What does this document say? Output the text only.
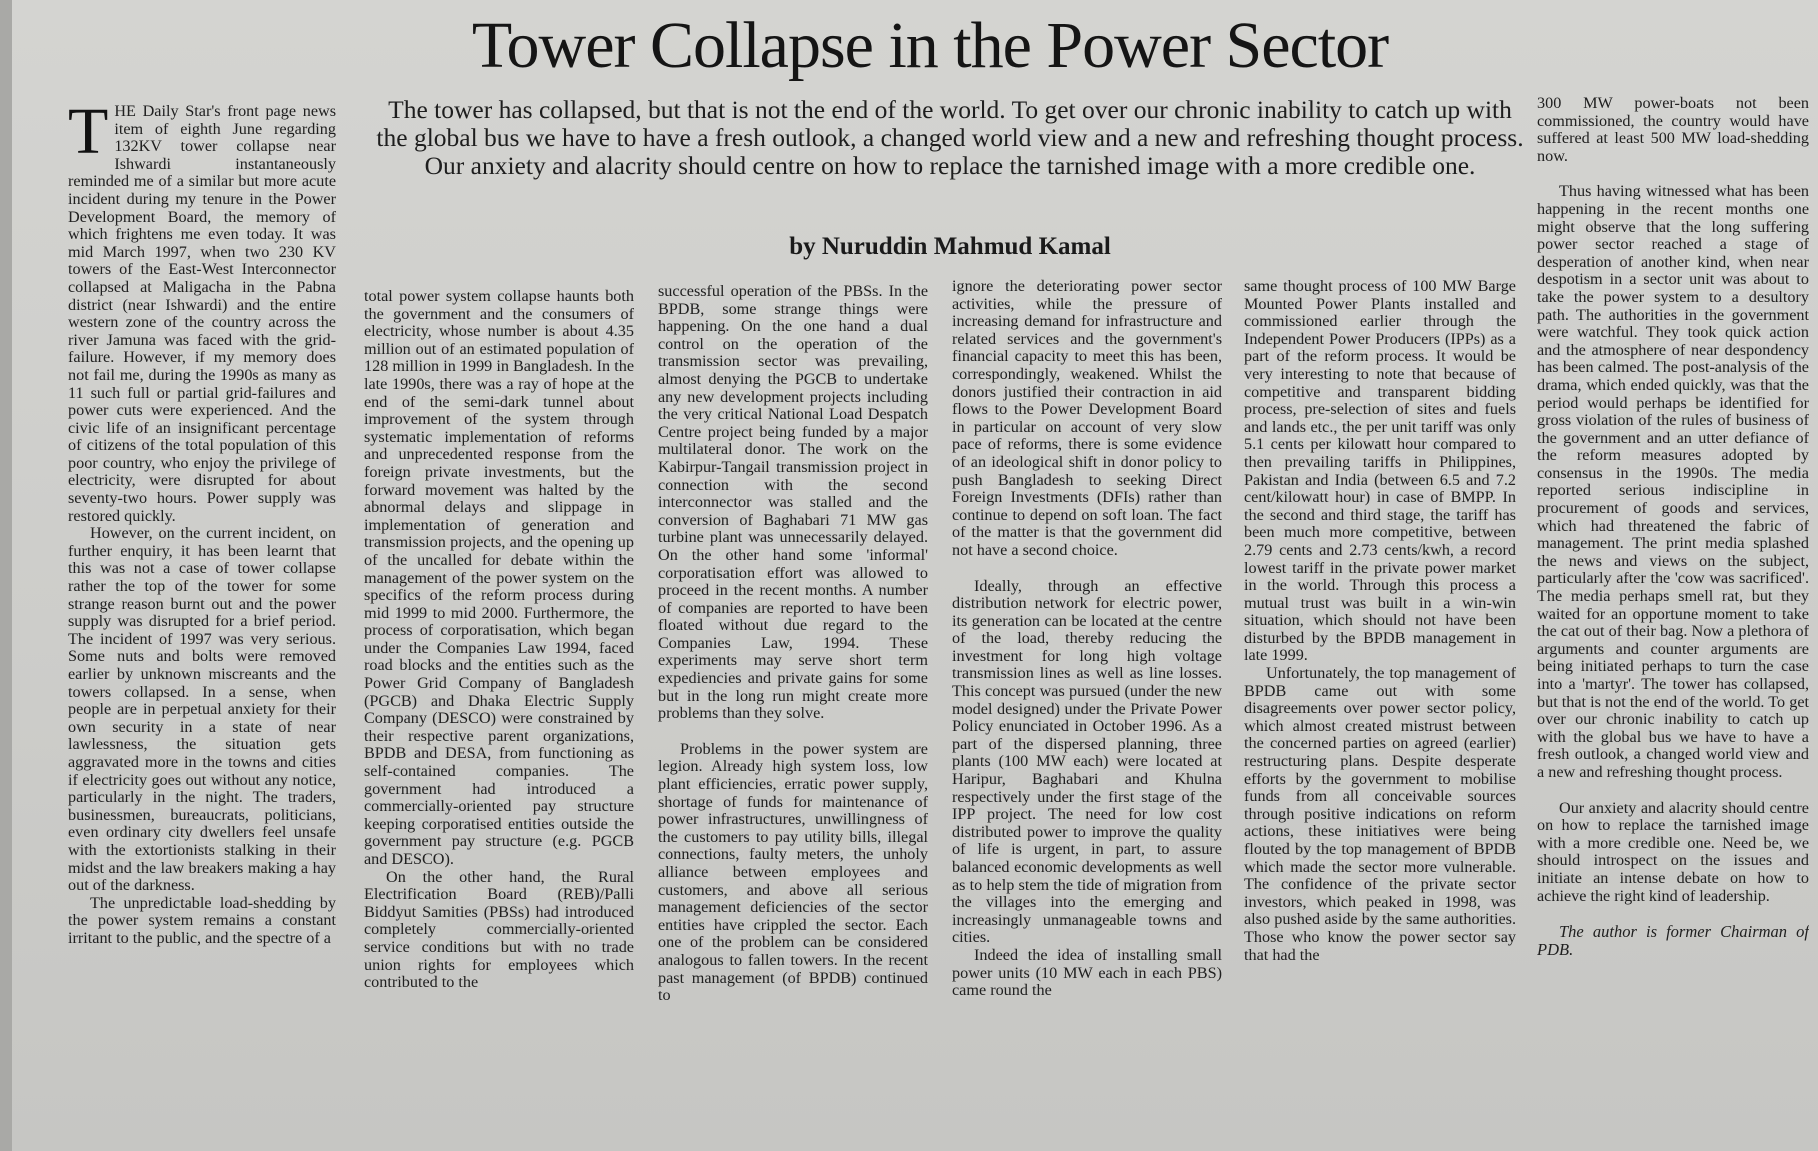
Tower Collapse in the Power Sector
The tower has collapsed, but that is not the end of the world. To get over our chronic inability to catch up with the global bus we have to have a fresh outlook, a changed world view and a new and refreshing thought process. Our anxiety and alacrity should centre on how to replace the tarnished image with a more credible one.
by Nuruddin Mahmud Kamal

THE Daily Star's front page news item of eighth June regarding 132KV tower collapse near Ishwardi instantaneously reminded me of a similar but more acute incident during my tenure in the Power Development Board, the memory of which frightens me even today. It was mid March 1997, when two 230 KV towers of the East-West Interconnector collapsed at Maligacha in the Pabna district (near Ishwardi) and the entire western zone of the country across the river Jamuna was faced with the grid-failure. However, if my memory does not fail me, during the 1990s as many as 11 such full or partial grid-failures and power cuts were experienced. And the civic life of an insignificant percentage of citizens of the total population of this poor country, who enjoy the privilege of electricity, were disrupted for about seventy-two hours. Power supply was restored quickly.

However, on the current incident, on further enquiry, it has been learnt that this was not a case of tower collapse rather the top of the tower for some strange reason burnt out and the power supply was disrupted for a brief period. The incident of 1997 was very serious. Some nuts and bolts were removed earlier by unknown miscreants and the towers collapsed. In a sense, when people are in perpetual anxiety for their own security in a state of near lawlessness, the situation gets aggravated more in the towns and cities if electricity goes out without any notice, particularly in the night. The traders, businessmen, bureaucrats, politicians, even ordinary city dwellers feel unsafe with the extortionists stalking in their midst and the law breakers making a hay out of the darkness.

The unpredictable load-shedding by the power system remains a constant irritant to the public, and the spectre of a

total power system collapse haunts both the government and the consumers of electricity, whose number is about 4.35 million out of an estimated population of 128 million in 1999 in Bangladesh. In the late 1990s, there was a ray of hope at the end of the semi-dark tunnel about improvement of the system through systematic implementation of reforms and unprecedented response from the foreign private investments, but the forward movement was halted by the abnormal delays and slippage in implementation of generation and transmission projects, and the opening up of the uncalled for debate within the management of the power system on the specifics of the reform process during mid 1999 to mid 2000. Furthermore, the process of corporatisation, which began under the Companies Law 1994, faced road blocks and the entities such as the Power Grid Company of Bangladesh (PGCB) and Dhaka Electric Supply Company (DESCO) were constrained by their respective parent organizations, BPDB and DESA, from functioning as self-contained companies. The government had introduced a commercially-oriented pay structure keeping corporatised entities outside the government pay structure (e.g. PGCB and DESCO).

On the other hand, the Rural Electrification Board (REB)/Palli Biddyut Samities (PBSs) had introduced completely commercially-oriented service conditions but with no trade union rights for employees which contributed to the

successful operation of the PBSs. In the BPDB, some strange things were happening. On the one hand a dual control on the operation of the transmission sector was prevailing, almost denying the PGCB to undertake any new development projects including the very critical National Load Despatch Centre project being funded by a major multilateral donor. The work on the Kabirpur-Tangail transmission project in connection with the second interconnector was stalled and the conversion of Baghabari 71 MW gas turbine plant was unnecessarily delayed. On the other hand some 'informal' corporatisation effort was allowed to proceed in the recent months. A number of companies are reported to have been floated without due regard to the Companies Law, 1994. These experiments may serve short term expediencies and private gains for some but in the long run might create more problems than they solve.

Problems in the power system are legion. Already high system loss, low plant efficiencies, erratic power supply, shortage of funds for maintenance of power infrastructures, unwillingness of the customers to pay utility bills, illegal connections, faulty meters, the unholy alliance between employees and customers, and above all serious management deficiencies of the sector entities have crippled the sector. Each one of the problem can be considered analogous to fallen towers. In the recent past management (of BPDB) continued to

ignore the deteriorating power sector activities, while the pressure of increasing demand for infrastructure and related services and the government's financial capacity to meet this has been, correspondingly, weakened. Whilst the donors justified their contraction in aid flows to the Power Development Board in particular on account of very slow pace of reforms, there is some evidence of an ideological shift in donor policy to push Bangladesh to seeking Direct Foreign Investments (DFIs) rather than continue to depend on soft loan. The fact of the matter is that the government did not have a second choice.

Ideally, through an effective distribution network for electric power, its generation can be located at the centre of the load, thereby reducing the investment for long high voltage transmission lines as well as line losses. This concept was pursued (under the new model designed) under the Private Power Policy enunciated in October 1996. As a part of the dispersed planning, three plants (100 MW each) were located at Haripur, Baghabari and Khulna respectively under the first stage of the IPP project. The need for low cost distributed power to improve the quality of life is urgent, in part, to assure balanced economic developments as well as to help stem the tide of migration from the villages into the emerging and increasingly unmanageable towns and cities.

Indeed the idea of installing small power units (10 MW each in each PBS) came round the

same thought process of 100 MW Barge Mounted Power Plants installed and commissioned earlier through the Independent Power Producers (IPPs) as a part of the reform process. It would be very interesting to note that because of competitive and transparent bidding process, pre-selection of sites and fuels and lands etc., the per unit tariff was only 5.1 cents per kilowatt hour compared to then prevailing tariffs in Philippines, Pakistan and India (between 6.5 and 7.2 cent/kilowatt hour) in case of BMPP. In the second and third stage, the tariff has been much more competitive, between 2.79 cents and 2.73 cents/kwh, a record lowest tariff in the private power market in the world. Through this process a mutual trust was built in a win-win situation, which should not have been disturbed by the BPDB management in late 1999.

Unfortunately, the top management of BPDB came out with some disagreements over power sector policy, which almost created mistrust between the concerned parties on agreed (earlier) restructuring plans. Despite desperate efforts by the government to mobilise funds from all conceivable sources through positive indications on reform actions, these initiatives were being flouted by the top management of BPDB which made the sector more vulnerable. The confidence of the private sector investors, which peaked in 1998, was also pushed aside by the same authorities. Those who know the power sector say that had the

300 MW power-boats not been commissioned, the country would have suffered at least 500 MW load-shedding now.

Thus having witnessed what has been happening in the recent months one might observe that the long suffering power sector reached a stage of desperation of another kind, when near despotism in a sector unit was about to take the power system to a desultory path. The authorities in the government were watchful. They took quick action and the atmosphere of near despondency has been calmed. The post-analysis of the drama, which ended quickly, was that the period would perhaps be identified for gross violation of the rules of business of the government and an utter defiance of the reform measures adopted by consensus in the 1990s. The media reported serious indiscipline in procurement of goods and services, which had threatened the fabric of management. The print media splashed the news and views on the subject, particularly after the 'cow was sacrificed'. The media perhaps smell rat, but they waited for an opportune moment to take the cat out of their bag. Now a plethora of arguments and counter arguments are being initiated perhaps to turn the case into a 'martyr'. The tower has collapsed, but that is not the end of the world. To get over our chronic inability to catch up with the global bus we have to have a fresh outlook, a changed world view and a new and refreshing thought process.

Our anxiety and alacrity should centre on how to replace the tarnished image with a more credible one. Need be, we should introspect on the issues and initiate an intense debate on how to achieve the right kind of leadership.

The author is former Chairman of PDB.
